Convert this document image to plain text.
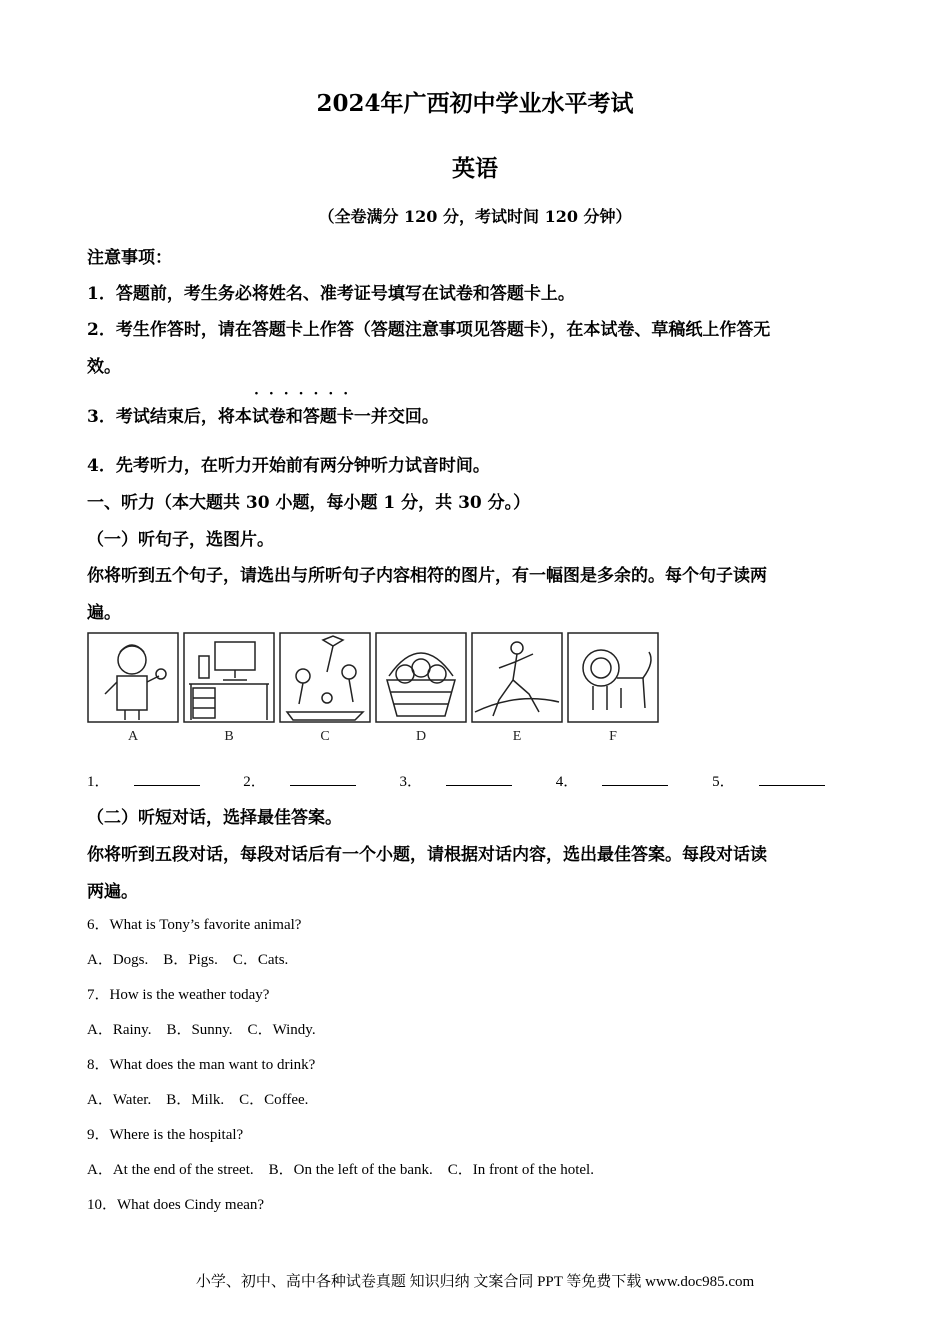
2024年广西初中学业水平考试
英语
（全卷满分 120 分，考试时间 120 分钟）
注意事项：
1．答题前，考生务必将姓名、准考证号填写在试卷和答题卡上。
2．考生作答时，请在答题卡上作答（答题注意事项见答题卡），在本试卷、草稿纸上作答无
效。
·······
3．考试结束后，将本试卷和答题卡一并交回。
4．先考听力，在听力开始前有两分钟听力试音时间。
一、听力（本大题共 30 小题，每小题 1 分，共 30 分。）
（一）听句子，选图片。
你将听到五个句子，请选出与所听句子内容相符的图片，有一幅图是多余的。每个句子读两
遍。
A	B	C	D	E	F
1．	2．	3．	4．	5．
（二）听短对话，选择最佳答案。
你将听到五段对话，每段对话后有一个小题，请根据对话内容，选出最佳答案。每段对话读
两遍。
6．What is Tony’s favorite animal?
A．Dogs.　B．Pigs.　C．Cats.
7．How is the weather today?
A．Rainy.　B．Sunny.　C．Windy.
8．What does the man want to drink?
A．Water.　B．Milk.　C．Coffee.
9．Where is the hospital?
A．At the end of the street.　B．On the left of the bank.　C．In front of the hotel.
10．What does Cindy mean?
小学、初中、高中各种试卷真题 知识归纳 文案合同 PPT 等免费下载 www.doc985.com
